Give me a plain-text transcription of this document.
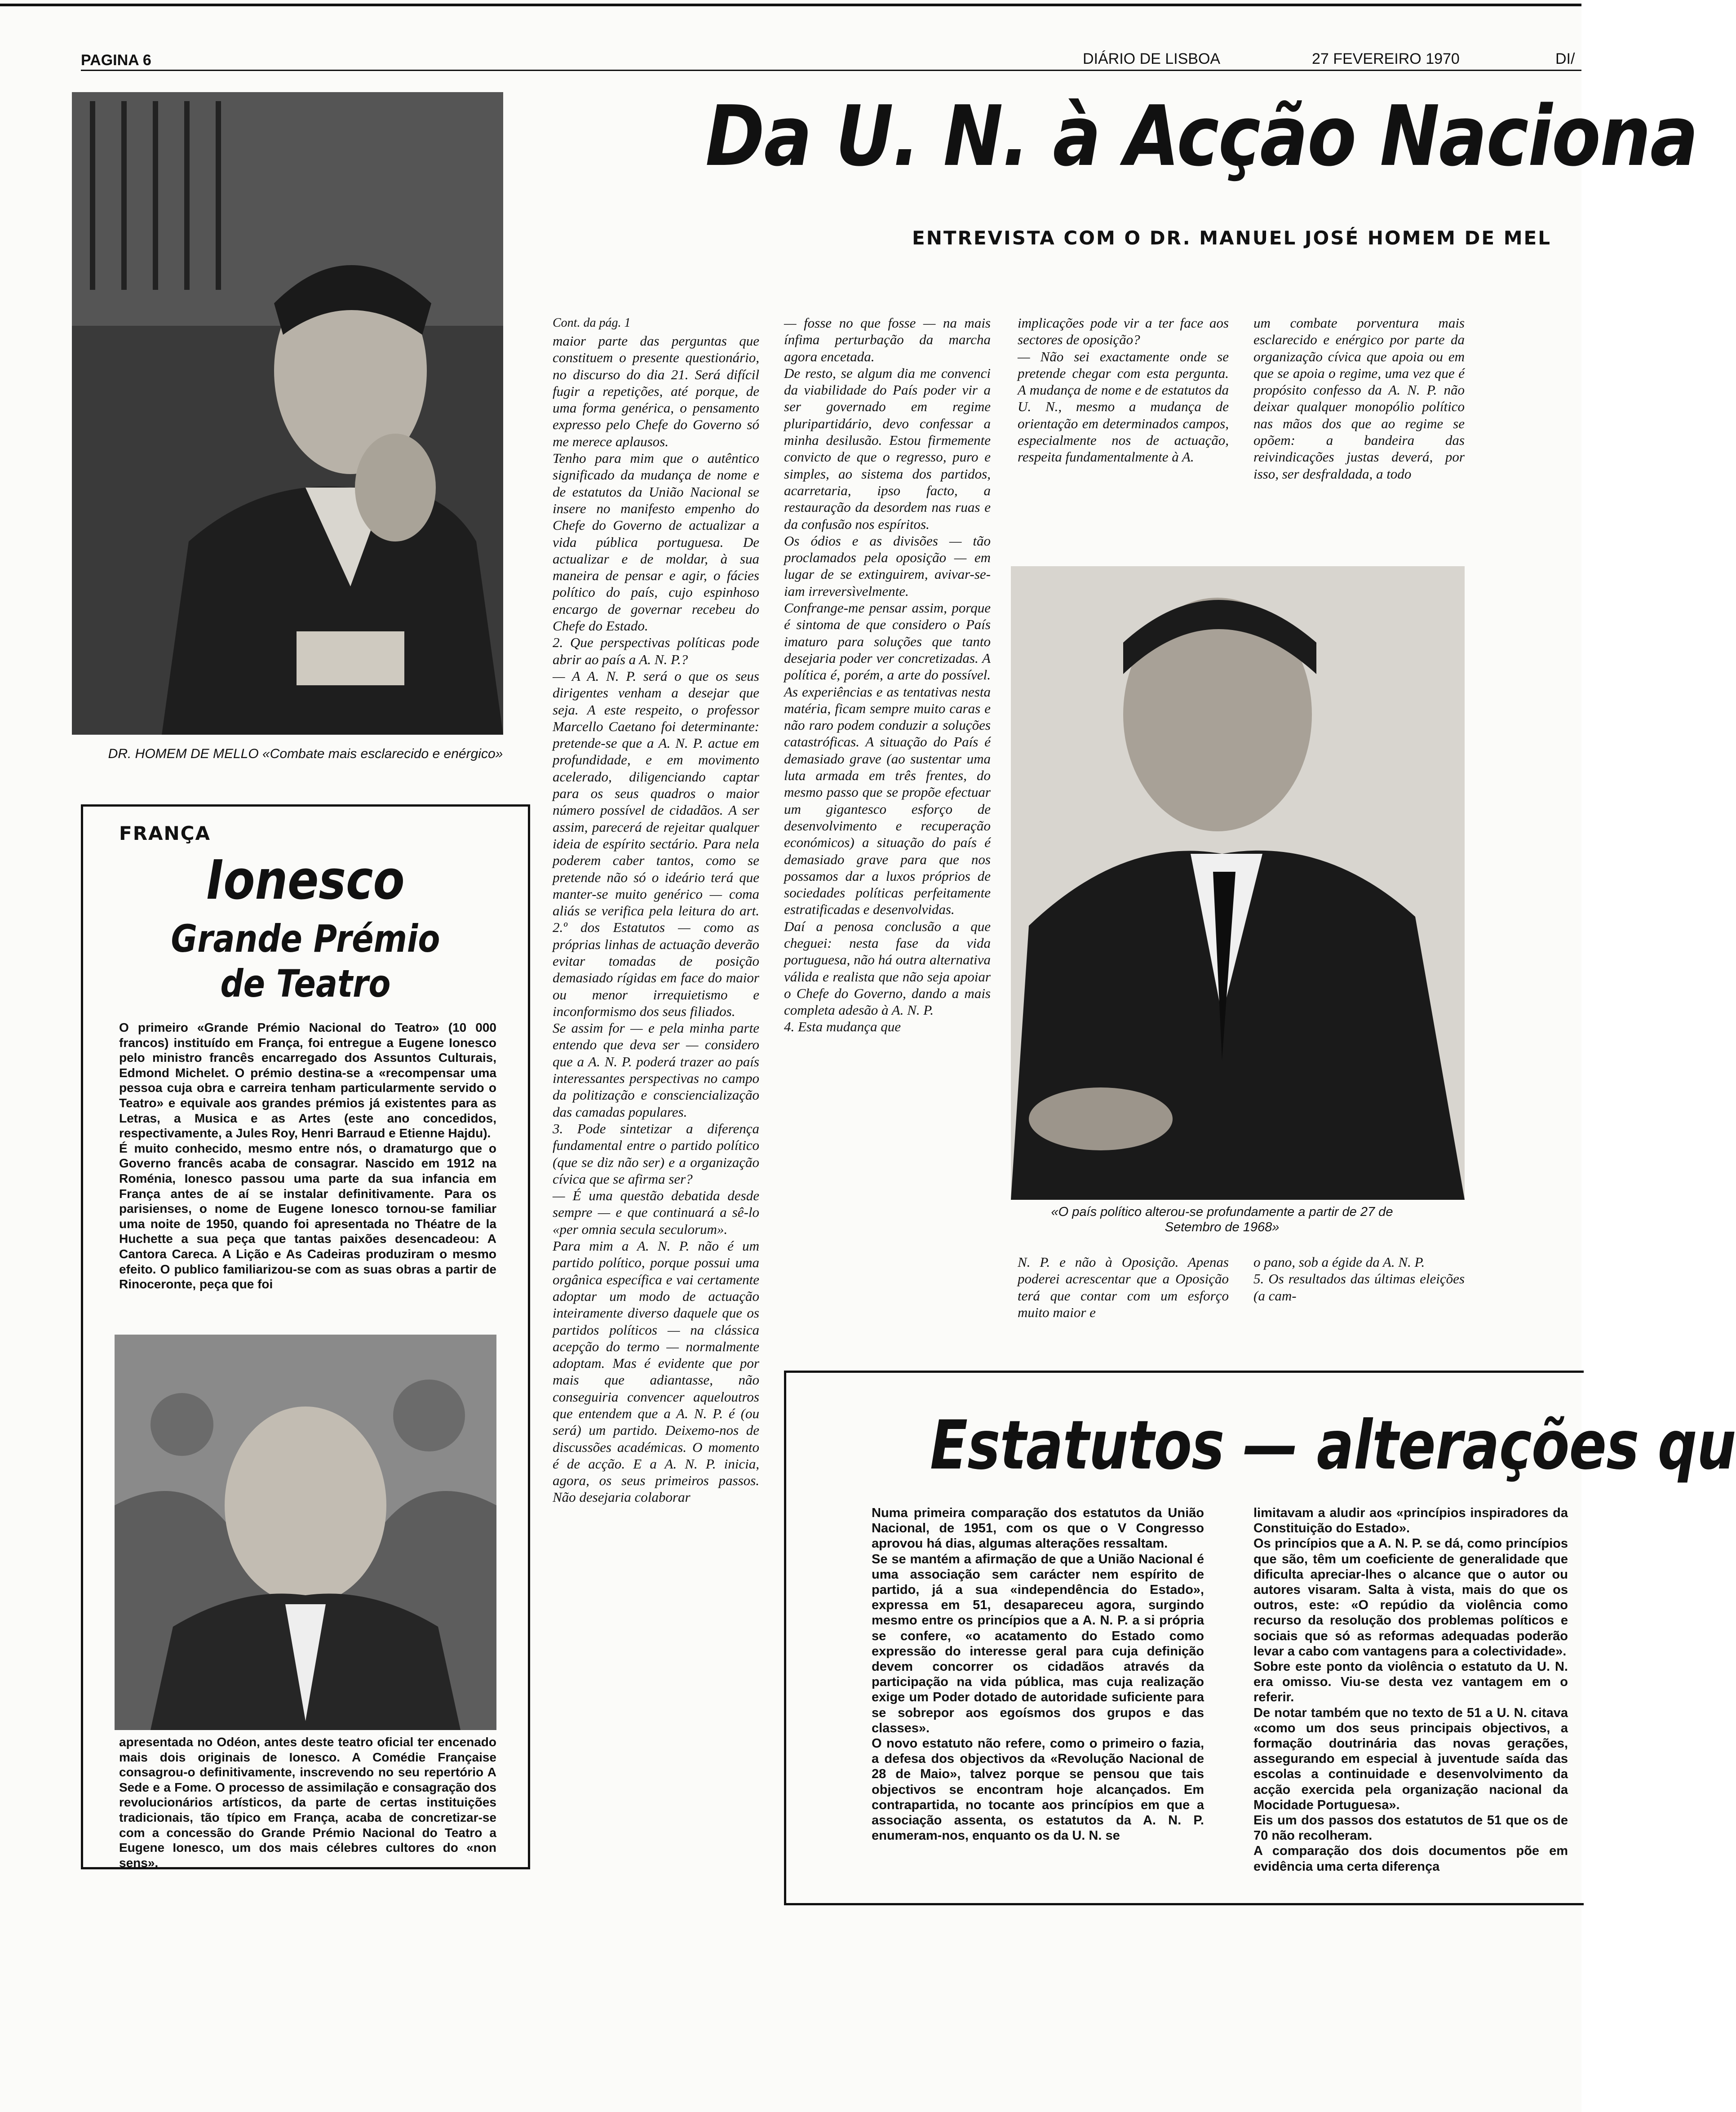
PAGINA 6	DIÁRIO DE LISBOA	27 FEVEREIRO 1970	DI/
Da U. N. à Acção Naciona
ENTREVISTA COM O DR. MANUEL JOSÉ HOMEM DE MEL
DR. HOMEM DE MELLO «Combate mais esclarecido e enérgico»
FRANÇA
Ionesco
Grande Prémio
de Teatro
O primeiro «Grande Prémio Nacional do Teatro» (10 000 francos) instituído em França, foi entregue a Eugene Ionesco pelo ministro francês encarregado dos Assuntos Culturais, Edmond Michelet. O prémio destina-se a «recompensar uma pessoa cuja obra e carreira tenham particularmente servido o Teatro» e equivale aos grandes prémios já existentes para as Letras, a Musica e as Artes (este ano concedidos, respectivamente, a Jules Roy, Henri Barraud e Etienne Hajdu).
É muito conhecido, mesmo entre nós, o dramaturgo que o Governo francês acaba de consagrar. Nascido em 1912 na Roménia, Ionesco passou uma parte da sua infancia em França antes de aí se instalar definitivamente. Para os parisienses, o nome de Eugene Ionesco tornou-se familiar uma noite de 1950, quando foi apresentada no Théatre de la Huchette a sua peça que tantas paixões desencadeou: A Cantora Careca. A Lição e As Cadeiras produziram o mesmo efeito. O publico familiarizou-se com as suas obras a partir de Rinoceronte, peça que foi
apresentada no Odéon, antes deste teatro oficial ter encenado mais dois originais de Ionesco. A Comédie Française consagrou-o definitivamente, inscrevendo no seu repertório A Sede e a Fome. O processo de assimilação e consagração dos revolucionários artísticos, da parte de certas instituições tradicionais, tão típico em França, acaba de concretizar-se com a concessão do Grande Prémio Nacional do Teatro a Eugene Ionesco, um dos mais célebres cultores do «non sens».
Cont. da pág. 1
maior parte das perguntas que constituem o presente questionário, no discurso do dia 21. Será difícil fugir a repetições, até porque, de uma forma genérica, o pensamento expresso pelo Chefe do Governo só me merece aplausos.
Tenho para mim que o autêntico significado da mudança de nome e de estatutos da União Nacional se insere no manifesto empenho do Chefe do Governo de actualizar a vida pública portuguesa. De actualizar e de moldar, à sua maneira de pensar e agir, o fácies político do país, cujo espinhoso encargo de governar recebeu do Chefe do Estado.
2. Que perspectivas políticas pode abrir ao país a A. N. P.?
— A A. N. P. será o que os seus dirigentes venham a desejar que seja. A este respeito, o professor Marcello Caetano foi determinante: pretende-se que a A. N. P. actue em profundidade, e em movimento acelerado, diligenciando captar para os seus quadros o maior número possível de cidadãos. A ser assim, parecerá de rejeitar qualquer ideia de espírito sectário. Para nela poderem caber tantos, como se pretende não só o ideário terá que manter-se muito genérico — coma aliás se verifica pela leitura do art. 2.º dos Estatutos — como as próprias linhas de actuação deverão evitar tomadas de posição demasiado rígidas em face do maior ou menor irrequietismo e inconformismo dos seus filiados.
Se assim for — e pela minha parte entendo que deva ser — considero que a A. N. P. poderá trazer ao país interessantes perspectivas no campo da politização e consciencialização das camadas populares.
3. Pode sintetizar a diferença fundamental entre o partido político (que se diz não ser) e a organização cívica que se afirma ser?
— É uma questão debatida desde sempre — e que continuará a sê-lo «per omnia secula seculorum».
Para mim a A. N. P. não é um partido político, porque possui uma orgânica específica e vai certamente adoptar um modo de actuação inteiramente diverso daquele que os partidos políticos — na clássica acepção do termo — normalmente adoptam. Mas é evidente que por mais que adiantasse, não conseguiria convencer aqueloutros que entendem que a A. N. P. é (ou será) um partido. Deixemo-nos de discussões académicas. O momento é de acção. E a A. N. P. inicia, agora, os seus primeiros passos. Não desejaria colaborar
— fosse no que fosse — na mais ínfima perturbação da marcha agora encetada.
De resto, se algum dia me convenci da viabilidade do País poder vir a ser governado em regime pluripartidário, devo confessar a minha desilusão. Estou firmemente convicto de que o regresso, puro e simples, ao sistema dos partidos, acarretaria, ipso facto, a restauração da desordem nas ruas e da confusão nos espíritos.
Os ódios e as divisões — tão proclamados pela oposição — em lugar de se extinguirem, avivar-se-iam irreversìvelmente.
Confrange-me pensar assim, porque é sintoma de que considero o País imaturo para soluções que tanto desejaria poder ver concretizadas. A política é, porém, a arte do possível. As experiências e as tentativas nesta matéria, ficam sempre muito caras e não raro podem conduzir a soluções catastróficas. A situação do País é demasiado grave (ao sustentar uma luta armada em três frentes, do mesmo passo que se propõe efectuar um gigantesco esforço de desenvolvimento e recuperação económicos) a situação do país é demasiado grave para que nos possamos dar a luxos próprios de sociedades políticas perfeitamente estratificadas e desenvolvidas.
Daí a penosa conclusão a que cheguei: nesta fase da vida portuguesa, não há outra alternativa válida e realista que não seja apoiar o Chefe do Governo, dando a mais completa adesão à A. N. P.
4. Esta mudança que
implicações pode vir a ter face aos sectores de oposição?
— Não sei exactamente onde se pretende chegar com esta pergunta. A mudança de nome e de estatutos da U. N., mesmo a mudança de orientação em determinados campos, especialmente nos de actuação, respeita fundamentalmente à A.
um combate porventura mais esclarecido e enérgico por parte da organização cívica que apoia ou em que se apoia o regime, uma vez que é propósito confesso da A. N. P. não deixar qualquer monopólio político nas mãos dos que ao regime se opõem: a bandeira das reivindicações justas deverá, por isso, ser desfraldada, a todo
«O país político alterou-se profundamente a partir de 27 de Setembro de 1968»
N. P. e não à Oposição. Apenas poderei acrescentar que a Oposição terá que contar com um esforço muito maior e
o pano, sob a égide da A. N. P.
5. Os resultados das últimas eleições (a cam-
Estatutos — alterações qu
Numa primeira comparação dos estatutos da União Nacional, de 1951, com os que o V Congresso aprovou há dias, algumas alterações ressaltam.
Se se mantém a afirmação de que a União Nacional é uma associação sem carácter nem espírito de partido, já a sua «independência do Estado», expressa em 51, desapareceu agora, surgindo mesmo entre os princípios que a A. N. P. a si própria se confere, «o acatamento do Estado como expressão do interesse geral para cuja definição devem concorrer os cidadãos através da participação na vida pública, mas cuja realização exige um Poder dotado de autoridade suficiente para se sobrepor aos egoísmos dos grupos e das classes».
O novo estatuto não refere, como o primeiro o fazia, a defesa dos objectivos da «Revolução Nacional de 28 de Maio», talvez porque se pensou que tais objectivos se encontram hoje alcançados. Em contrapartida, no tocante aos princípios em que a associação assenta, os estatutos da A. N. P. enumeram-nos, enquanto os da U. N. se
limitavam a aludir aos «princípios inspiradores da Constituição do Estado».
Os princípios que a A. N. P. se dá, como princípios que são, têm um coeficiente de generalidade que dificulta apreciar-lhes o alcance que o autor ou autores visaram. Salta à vista, mais do que os outros, este: «O repúdio da violência como recurso da resolução dos problemas políticos e sociais que só as reformas adequadas poderão levar a cabo com vantagens para a colectividade».
Sobre este ponto da violência o estatuto da U. N. era omisso. Viu-se desta vez vantagem em o referir.
De notar também que no texto de 51 a U. N. citava «como um dos seus principais objectivos, a formação doutrinária das novas gerações, assegurando em especial à juventude saída das escolas a continuidade e desenvolvimento da acção exercida pela organização nacional da Mocidade Portuguesa».
Eis um dos passos dos estatutos de 51 que os de 70 não recolheram.
A comparação dos dois documentos põe em evidência uma certa diferença
